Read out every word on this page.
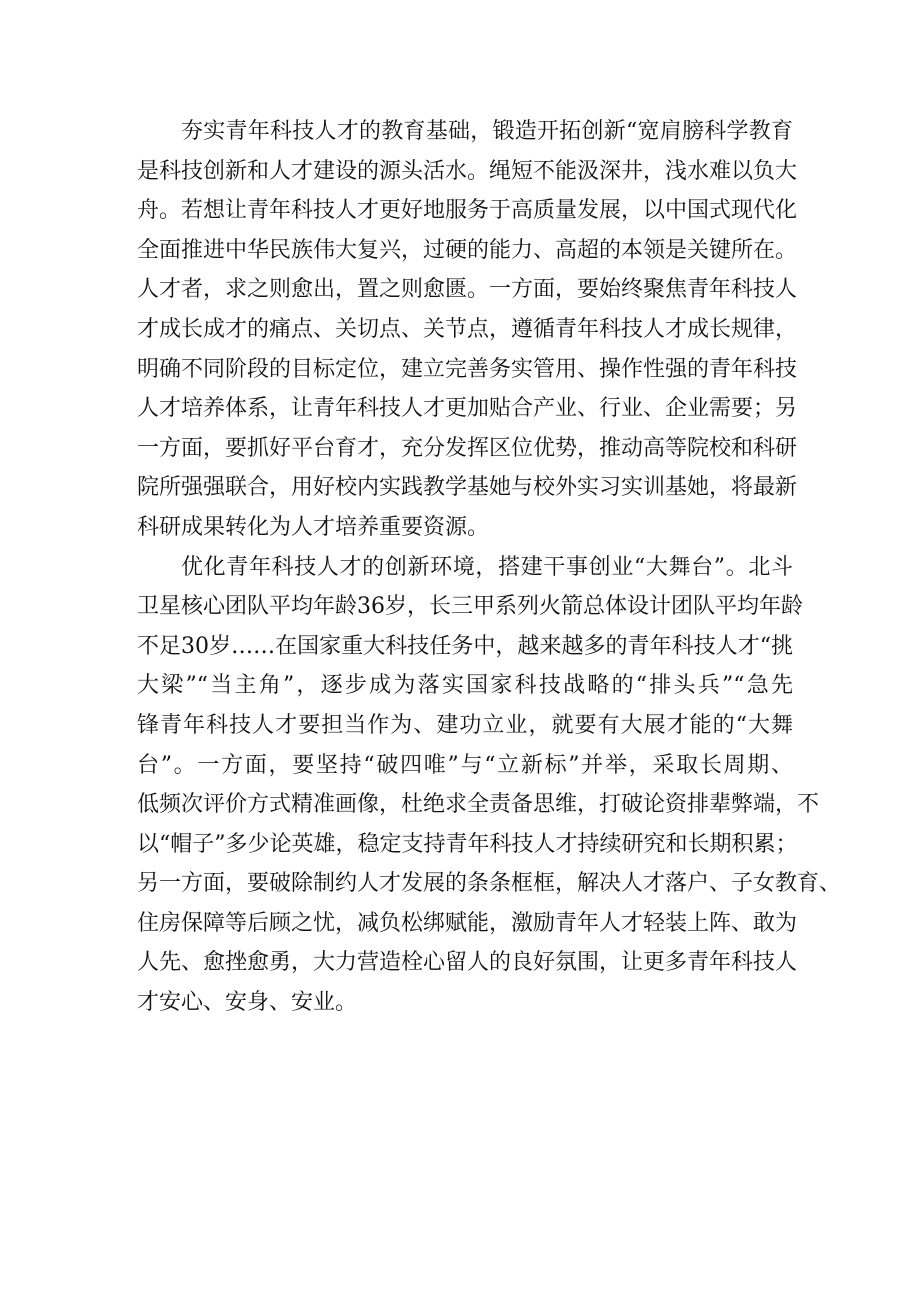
夯实青年科技人才的教育基础，锻造开拓创新“宽肩膀科学教育
是科技创新和人才建设的源头活水。绳短不能汲深井，浅水难以负大
舟。若想让青年科技人才更好地服务于高质量发展，以中国式现代化
全面推进中华民族伟大复兴，过硬的能力、高超的本领是关键所在。
人才者，求之则愈出，置之则愈匮。一方面，要始终聚焦青年科技人
才成长成才的痛点、关切点、关节点，遵循青年科技人才成长规律，
明确不同阶段的目标定位，建立完善务实管用、操作性强的青年科技
人才培养体系，让青年科技人才更加贴合产业、行业、企业需要；另
一方面，要抓好平台育才，充分发挥区位优势，推动高等院校和科研
院所强强联合，用好校内实践教学基她与校外实习实训基她，将最新
科研成果转化为人才培养重要资源。
优化青年科技人才的创新环境，搭建干事创业“大舞台”。北斗
卫星核心团队平均年龄36岁，长三甲系列火箭总体设计团队平均年龄
不足30岁……在国家重大科技任务中，越来越多的青年科技人才“挑
大梁”“当主角”，逐步成为落实国家科技战略的“排头兵”“急先
锋青年科技人才要担当作为、建功立业，就要有大展才能的“大舞
台”。一方面，要坚持“破四唯”与“立新标”并举，采取长周期、
低频次评价方式精准画像，杜绝求全责备思维，打破论资排辈弊端，不
以“帽子”多少论英雄，稳定支持青年科技人才持续研究和长期积累；
另一方面，要破除制约人才发展的条条框框，解决人才落户、子女教育、
住房保障等后顾之忧，减负松绑赋能，激励青年人才轻装上阵、敢为
人先、愈挫愈勇，大力营造栓心留人的良好氛围，让更多青年科技人
才安心、安身、安业。
